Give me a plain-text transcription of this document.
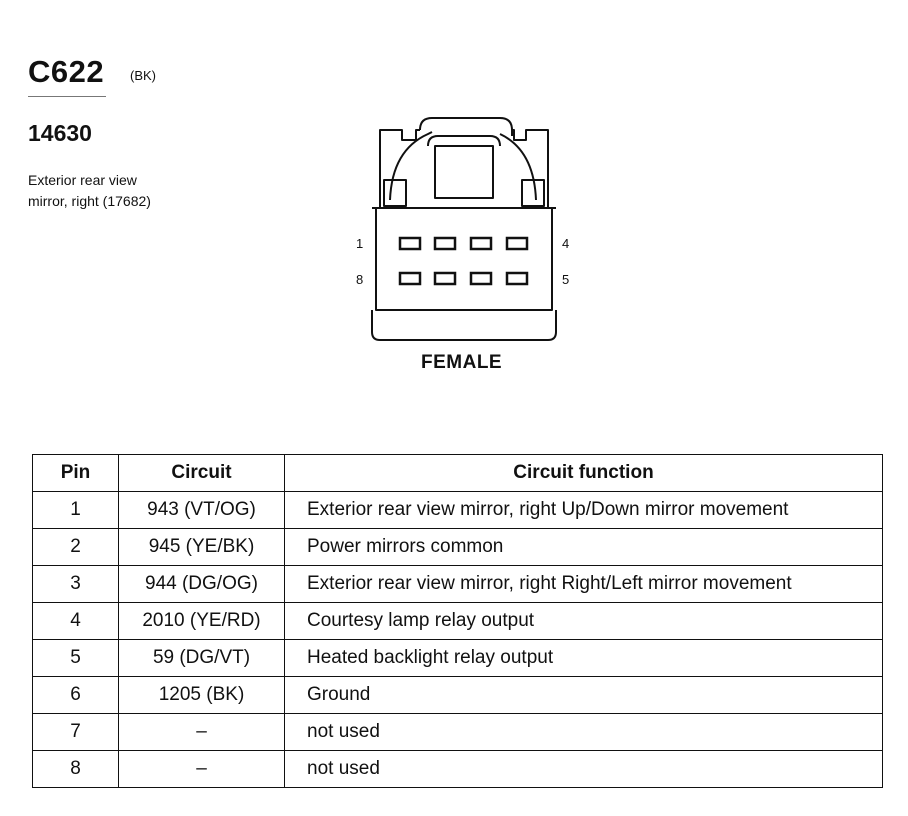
C622 (BK)
14630
Exterior rear view
mirror, right (17682)
1	4
8	5
FEMALE
Pin	Circuit	Circuit function
1	943 (VT/OG)	Exterior rear view mirror, right Up/Down mirror movement
2	945 (YE/BK)	Power mirrors common
3	944 (DG/OG)	Exterior rear view mirror, right Right/Left mirror movement
4	2010 (YE/RD)	Courtesy lamp relay output
5	59 (DG/VT)	Heated backlight relay output
6	1205 (BK)	Ground
7	–	not used
8	–	not used
